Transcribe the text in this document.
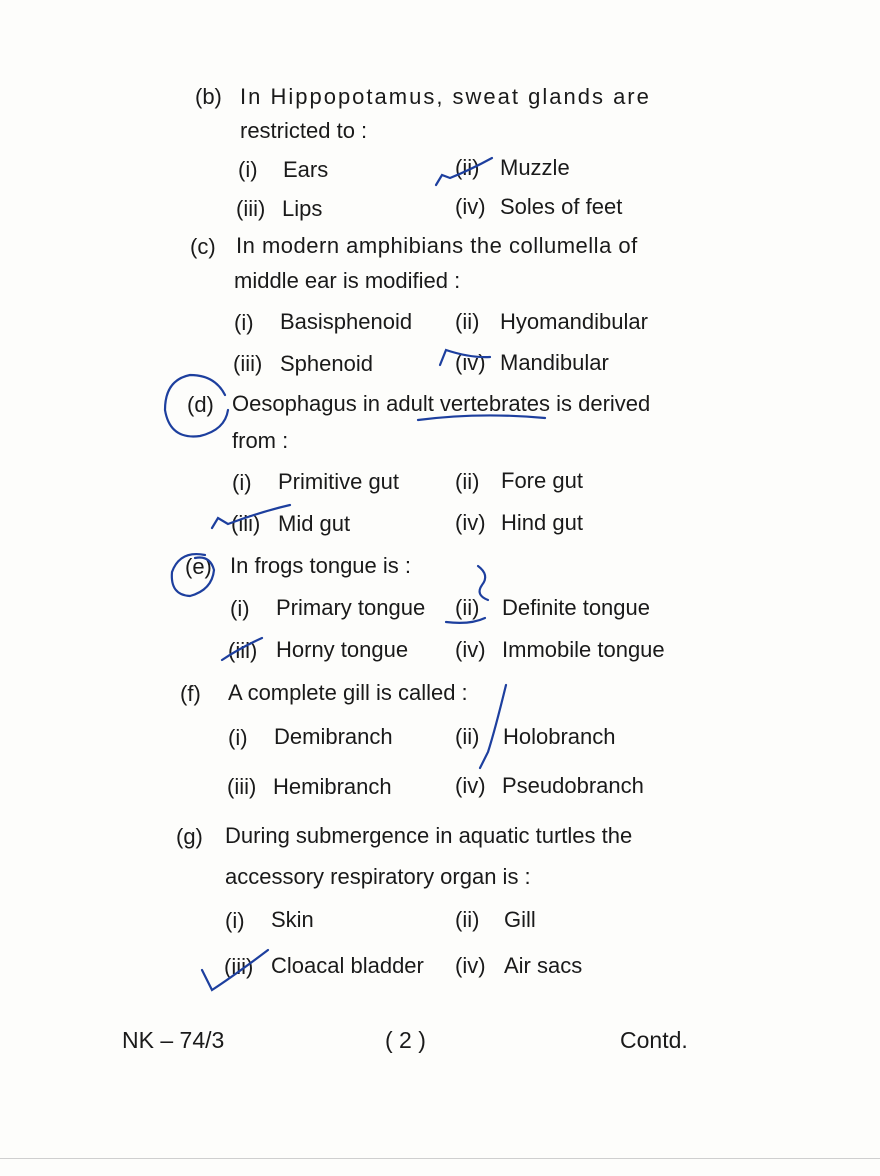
(b) In Hippopotamus, sweat glands are
restricted to :
(i) Ears	(ii) Muzzle
(iii) Lips	(iv) Soles of feet
(c) In modern amphibians the collumella of
middle ear is modified :
(i) Basisphenoid (ii) Hyomandibular
(iii) Sphenoid	(iv) Mandibular
(d) Oesophagus in adult vertebrates is derived
from :
(i) Primitive gut	(ii) Fore gut
(iii) Mid gut	(iv) Hind gut
(e) In frogs tongue is :
(i) Primary tongue (ii) Definite tongue
(iii) Horny tongue (iv) Immobile tongue
(f) A complete gill is called :
(i) Demibranch	(ii) Holobranch
(iii) Hemibranch	(iv) Pseudobranch
(g) During submergence in aquatic turtles the
accessory respiratory organ is :
(i) Skin	(ii) Gill
(iii) Cloacal bladder (iv) Air sacs
NK – 74/3	( 2 )	Contd.
